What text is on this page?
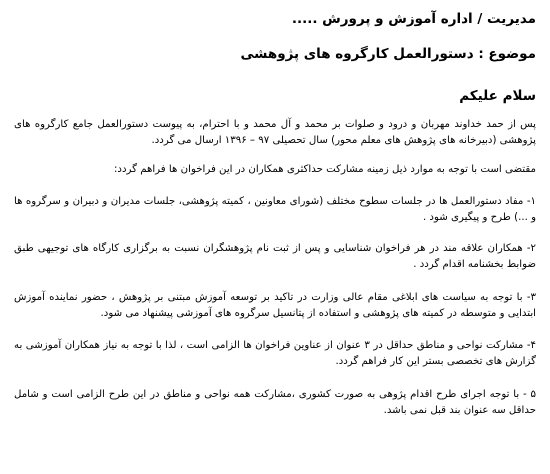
مدیریت / اداره آموزش و پرورش .....
موضوع : دستورالعمل کارگروه های پژوهشی
سلام علیکم

پس از حمد خداوند مهربان و درود و صلوات بر محمد و آل محمد و با احترام، به پیوست دستورالعمل جامع کارگروه های پژوهشی (دبیرخانه های پژوهش های معلم محور) سال تحصیلی ۹۷ – ۱۳۹۶ ارسال می گردد.

مقتضی است با توجه به موارد ذیل زمینه مشارکت حداکثری همکاران در این فراخوان ها فراهم گردد:

۱- مفاد دستورالعمل ها در جلسات سطوح مختلف (شورای معاونین ، کمیته پژوهشی، جلسات مدیران و دبیران و سرگروه ها و ...) طرح و پیگیری شود .

۲- همکاران علاقه مند در هر فراخوان شناسایی و پس از ثبت نام پژوهشگران نسبت به برگزاری کارگاه های توجیهی طبق ضوابط بخشنامه اقدام گردد .

۳- با توجه به سیاست های ابلاغی مقام عالی وزارت در تاکید بر توسعه آموزش مبتنی بر پژوهش ، حضور نماینده آموزش ابتدایی و متوسطه در کمیته های پژوهشی و استفاده از پتانسیل سرگروه های آموزشی پیشنهاد می شود.

۴- مشارکت نواحی و مناطق حداقل در ۳ عنوان از عناوین فراخوان ها الزامی است ، لذا با توجه به نیاز همکاران آموزشی به گزارش های تخصصی بستر این کار فراهم گردد.

۵ - با توجه اجرای طرح اقدام پژوهی به صورت کشوری ،مشارکت همه نواحی و مناطق در این طرح الزامی است و شامل حداقل سه عنوان بند قبل نمی باشد.
